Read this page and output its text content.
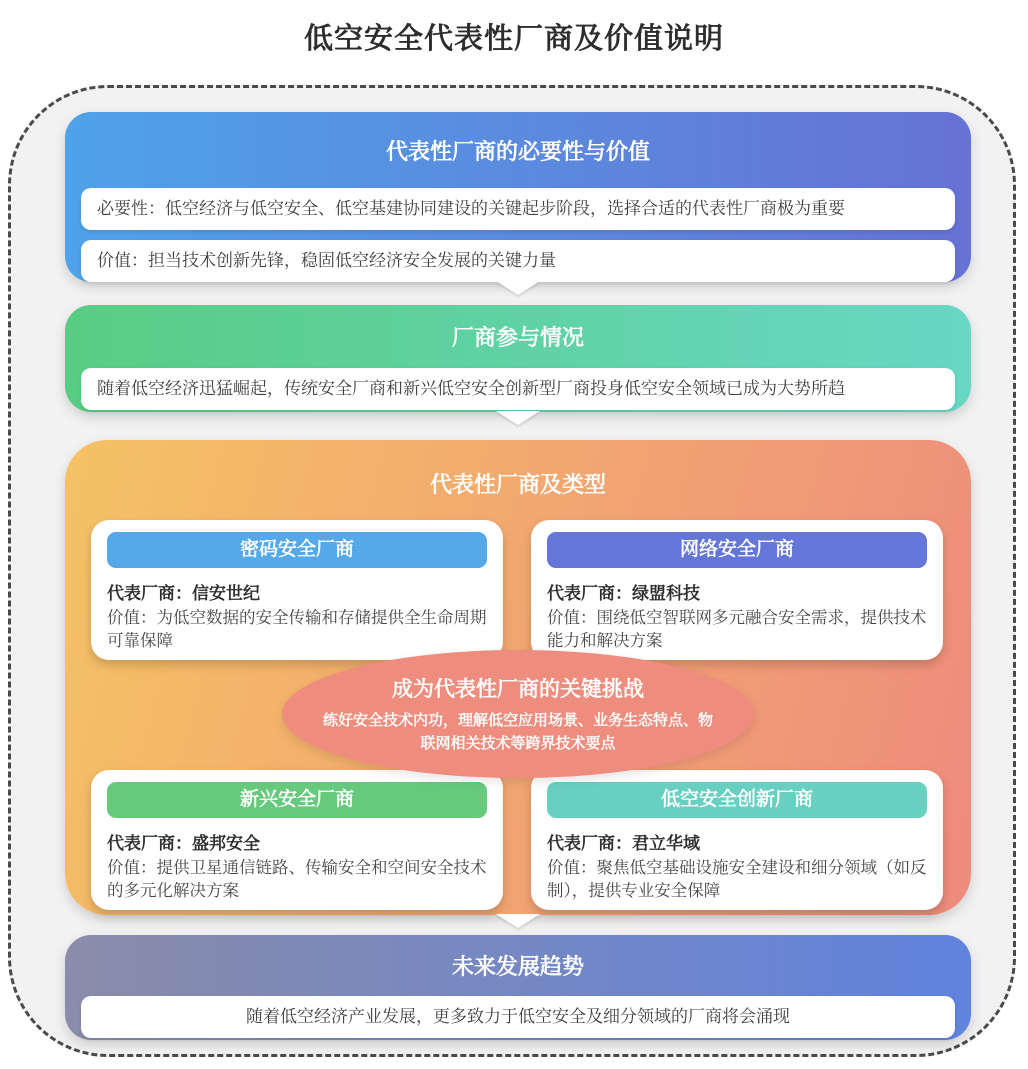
低空安全代表性厂商及价值说明
代表性厂商的必要性与价值
必要性：低空经济与低空安全、低空基建协同建设的关键起步阶段，选择合适的代表性厂商极为重要
价值：担当技术创新先锋，稳固低空经济安全发展的关键力量
厂商参与情况
随着低空经济迅猛崛起，传统安全厂商和新兴低空安全创新型厂商投身低空安全领域已成为大势所趋
代表性厂商及类型
密码安全厂商
代表厂商：信安世纪
价值：为低空数据的安全传输和存储提供全生命周期可靠保障
网络安全厂商
代表厂商：绿盟科技
价值：围绕低空智联网多元融合安全需求，提供技术能力和解决方案
成为代表性厂商的关键挑战
练好安全技术内功，理解低空应用场景、业务生态特点、物联网相关技术等跨界技术要点
新兴安全厂商
代表厂商：盛邦安全
价值：提供卫星通信链路、传输安全和空间安全技术的多元化解决方案
低空安全创新厂商
代表厂商：君立华域
价值：聚焦低空基础设施安全建设和细分领域（如反制），提供专业安全保障
未来发展趋势
随着低空经济产业发展，更多致力于低空安全及细分领域的厂商将会涌现
